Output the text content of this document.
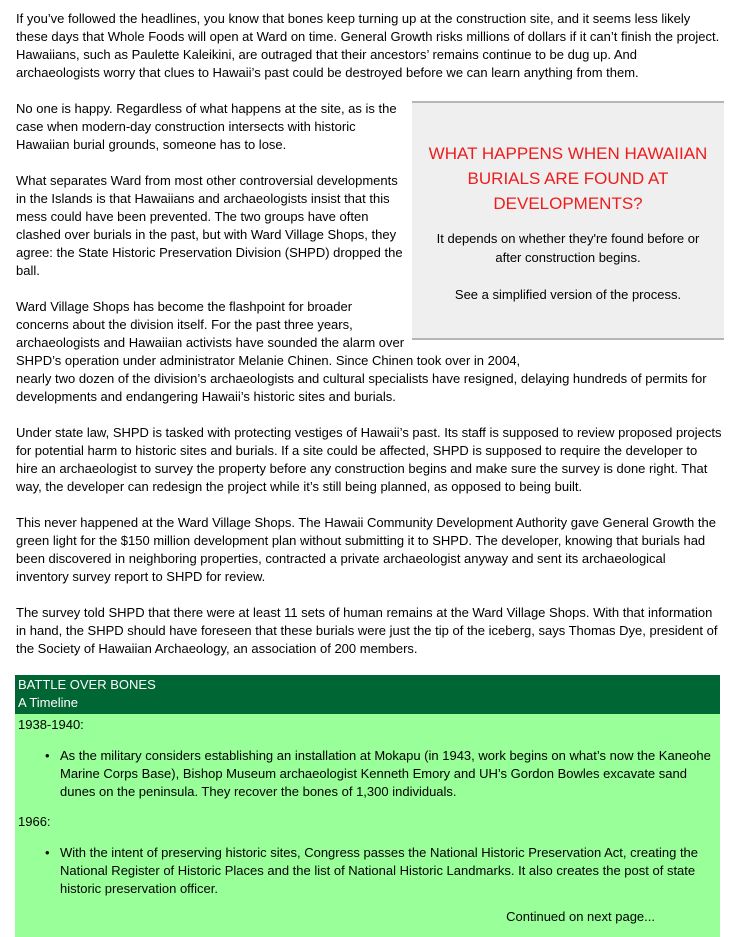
If you’ve followed the headlines, you know that bones keep turning up at the construction site, and it seems less likely these days that Whole Foods will open at Ward on time. General Growth risks millions of dollars if it can’t finish the project. Hawaiians, such as Paulette Kaleikini, are outraged that their ancestors’ remains continue to be dug up. And archaeologists worry that clues to Hawaii’s past could be destroyed before we can learn anything from them.

WHAT HAPPENS WHEN HAWAIIAN BURIALS ARE FOUND AT DEVELOPMENTS?
It depends on whether they're found before or after construction begins.
See a simplified version of the process.

No one is happy. Regardless of what happens at the site, as is the case when modern-day construction intersects with historic Hawaiian burial grounds, someone has to lose.

What separates Ward from most other controversial developments in the Islands is that Hawaiians and archaeologists insist that this mess could have been prevented. The two groups have often clashed over burials in the past, but with Ward Village Shops, they agree: the State Historic Preservation Division (SHPD) dropped the ball.

Ward Village Shops has become the flashpoint for broader concerns about the division itself. For the past three years, archaeologists and Hawaiian activists have sounded the alarm over SHPD’s operation under administrator Melanie Chinen. Since Chinen took over in 2004,

nearly two dozen of the division’s archaeologists and cultural specialists have resigned, delaying hundreds of permits for developments and endangering Hawaii’s historic sites and burials.

Under state law, SHPD is tasked with protecting vestiges of Hawaii’s past. Its staff is supposed to review proposed projects for potential harm to historic sites and burials. If a site could be affected, SHPD is supposed to require the developer to hire an archaeologist to survey the property before any construction begins and make sure the survey is done right. That way, the developer can redesign the project while it’s still being planned, as opposed to being built.

This never happened at the Ward Village Shops. The Hawaii Community Development Authority gave General Growth the green light for the $150 million development plan without submitting it to SHPD. The developer, knowing that burials had been discovered in neighboring properties, contracted a private archaeologist anyway and sent its archaeological inventory survey report to SHPD for review.

The survey told SHPD that there were at least 11 sets of human remains at the Ward Village Shops. With that information in hand, the SHPD should have foreseen that these burials were just the tip of the iceberg, says Thomas Dye, president of the Society of Hawaiian Archaeology, an association of 200 members.

BATTLE OVER BONES
A Timeline
1938-1940:
• As the military considers establishing an installation at Mokapu (in 1943, work begins on what’s now the Kaneohe Marine Corps Base), Bishop Museum archaeologist Kenneth Emory and UH’s Gordon Bowles excavate sand dunes on the peninsula. They recover the bones of 1,300 individuals.
1966:
• With the intent of preserving historic sites, Congress passes the National Historic Preservation Act, creating the National Register of Historic Places and the list of National Historic Landmarks. It also creates the post of state historic preservation officer.
Continued on next page...
